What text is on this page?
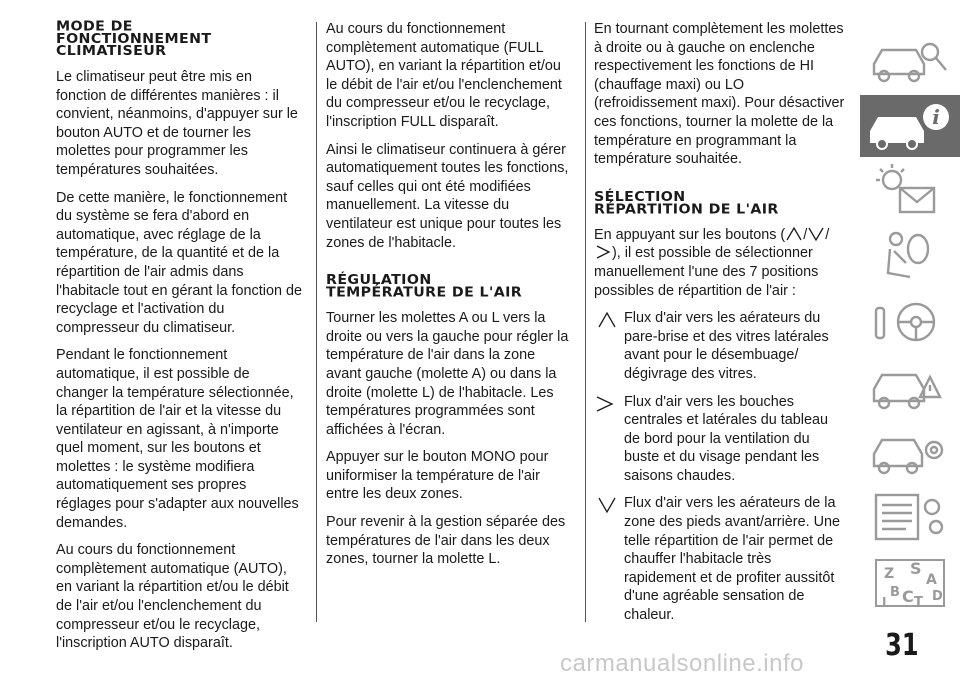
MODE DE
FONCTIONNEMENT
CLIMATISEUR

Le climatiseur peut être mis en fonction de différentes manières : il convient, néanmoins, d'appuyer sur le bouton AUTO et de tourner les molettes pour programmer les températures souhaitées.

De cette manière, le fonctionnement du système se fera d'abord en automatique, avec réglage de la température, de la quantité et de la répartition de l'air admis dans l'habitacle tout en gérant la fonction de recyclage et l'activation du compresseur du climatiseur.

Pendant le fonctionnement automatique, il est possible de changer la température sélectionnée, la répartition de l'air et la vitesse du ventilateur en agissant, à n'importe quel moment, sur les boutons et molettes : le système modifiera automatiquement ses propres réglages pour s'adapter aux nouvelles demandes.

Au cours du fonctionnement complètement automatique (AUTO), en variant la répartition et/ou le débit de l'air et/ou l'enclenchement du compresseur et/ou le recyclage, l'inscription AUTO disparaît.

Au cours du fonctionnement complètement automatique (FULL AUTO), en variant la répartition et/ou le débit de l'air et/ou l'enclenchement du compresseur et/ou le recyclage, l'inscription FULL disparaît.

Ainsi le climatiseur continuera à gérer automatiquement toutes les fonctions, sauf celles qui ont été modifiées manuellement. La vitesse du ventilateur est unique pour toutes les zones de l'habitacle.

RÉGULATION
TEMPÉRATURE DE L'AIR

Tourner les molettes A ou L vers la droite ou vers la gauche pour régler la température de l'air dans la zone avant gauche (molette A) ou dans la droite (molette L) de l'habitacle. Les températures programmées sont affichées à l'écran.

Appuyer sur le bouton MONO pour uniformiser la température de l'air entre les deux zones.

Pour revenir à la gestion séparée des températures de l'air dans les deux zones, tourner la molette L.

En tournant complètement les molettes à droite ou à gauche on enclenche respectivement les fonctions de HI (chauffage maxi) ou LO (refroidissement maxi). Pour désactiver ces fonctions, tourner la molette de la température en programmant la température souhaitée.

SÉLECTION
RÉPARTITION DE L'AIR

En appuyant sur les boutons ( / /
), il est possible de sélectionner manuellement l'une des 7 positions possibles de répartition de l'air :

Flux d'air vers les aérateurs du pare-brise et des vitres latérales avant pour le désembuage/ dégivrage des vitres.
Flux d'air vers les bouches centrales et latérales du tableau de bord pour la ventilation du buste et du visage pendant les saisons chaudes.
Flux d'air vers les aérateurs de la zone des pieds avant/arrière. Une telle répartition de l'air permet de chauffer l'habitacle très rapidement et de profiter aussitôt d'une agréable sensation de chaleur.
i
Z S
A
B
I C T D
31
carmanualsonline.info
